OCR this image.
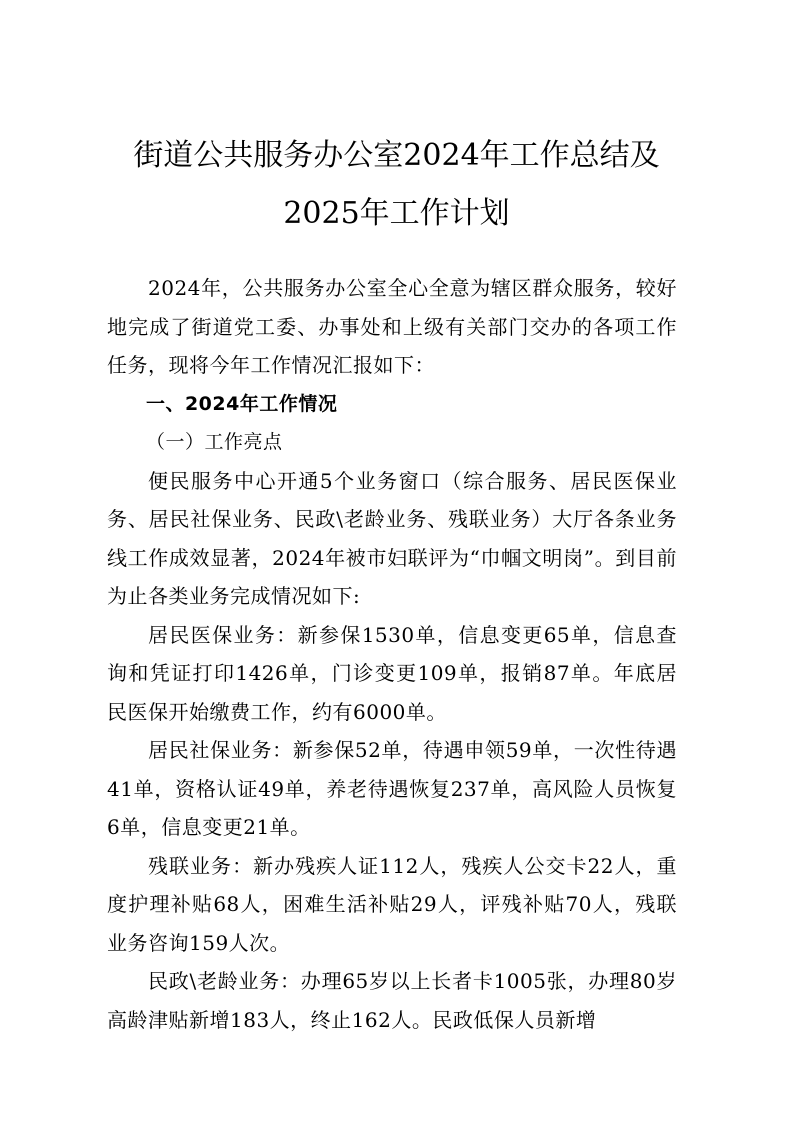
街道公共服务办公室2024年工作总结及
2025年工作计划

2024年，公共服务办公室全心全意为辖区群众服务，较好地完成了街道党工委、办事处和上级有关部门交办的各项工作任务，现将今年工作情况汇报如下：

一、2024年工作情况

（一）工作亮点

便民服务中心开通5个业务窗口（综合服务、居民医保业务、居民社保业务、民政\老龄业务、残联业务）大厅各条业务线工作成效显著，2024年被市妇联评为“巾帼文明岗”。到目前为止各类业务完成情况如下:

居民医保业务：新参保1530单，信息变更65单，信息查询和凭证打印1426单，门诊变更109单，报销87单。年底居民医保开始缴费工作，约有6000单。

居民社保业务：新参保52单，待遇申领59单，一次性待遇41单，资格认证49单，养老待遇恢复237单，高风险人员恢复6单，信息变更21单。

残联业务：新办残疾人证112人，残疾人公交卡22人，重度护理补贴68人，困难生活补贴29人，评残补贴70人，残联业务咨询159人次。

民政\老龄业务：办理65岁以上长者卡1005张，办理80岁高龄津贴新增183人，终止162人。民政低保人员新增
